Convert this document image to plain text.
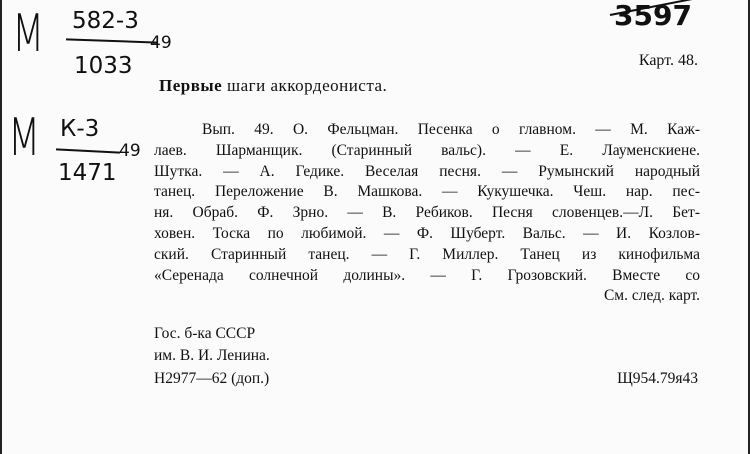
М 582-3
49
1033
М К-3
49
1471
3597
Карт. 48.
Первые шаги аккордеониста.
Вып. 49. О. Фельцман. Песенка о главном. — М. Каж-
лаев. Шарманщик. (Старинный вальс). — Е. Лауменскиене.
Шутка. — А. Гедике. Веселая песня. — Румынский народный
танец. Переложение В. Машкова. — Кукушечка. Чеш. нар. пес-
ня. Обраб. Ф. Зрно. — В. Ребиков. Песня словенцев.—Л. Бет-
ховен. Тоска по любимой. — Ф. Шуберт. Вальс. — И. Козлов-
ский. Старинный танец. — Г. Миллер. Танец из кинофильма
«Серенада солнечной долины». — Г. Грозовский. Вместе со
См. след. карт.
Гос. б-ка СССР
им. В. И. Ленина.
Н2977—62 (доп.)	Щ954.79я43
